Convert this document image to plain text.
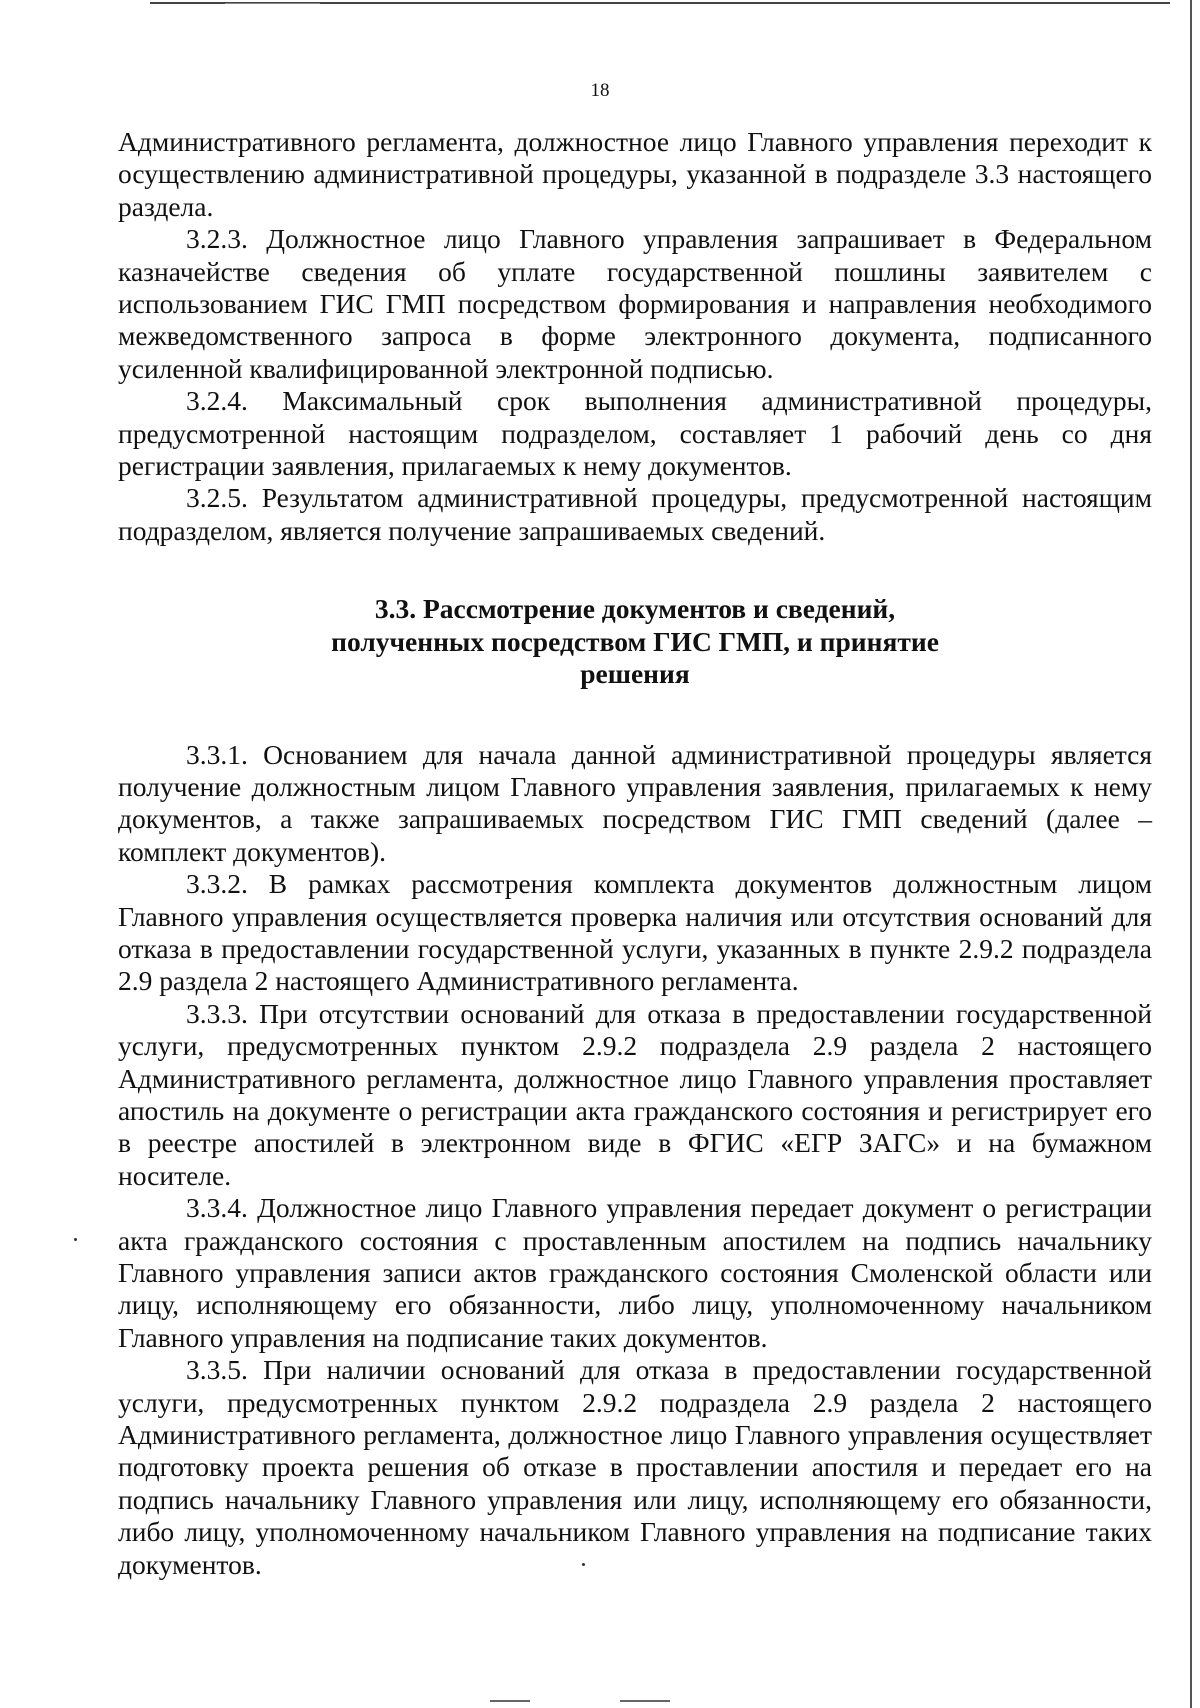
18

Административного регламента, должностное лицо Главного управления переходит к осуществлению административной процедуры, указанной в подразделе 3.3 настоящего раздела.

3.2.3. Должностное лицо Главного управления запрашивает в Федеральном казначействе сведения об уплате государственной пошлины заявителем с использованием ГИС ГМП посредством формирования и направления необходимого межведомственного запроса в форме электронного документа, подписанного усиленной квалифицированной электронной подписью.

3.2.4. Максимальный срок выполнения административной процедуры, предусмотренной настоящим подразделом, составляет 1 рабочий день со дня регистрации заявления, прилагаемых к нему документов.

3.2.5. Результатом административной процедуры, предусмотренной настоящим подразделом, является получение запрашиваемых сведений.

3.3. Рассмотрение документов и сведений,
полученных посредством ГИС ГМП, и принятие
решения

3.3.1. Основанием для начала данной административной процедуры является получение должностным лицом Главного управления заявления, прилагаемых к нему документов, а также запрашиваемых посредством ГИС ГМП сведений (далее – комплект документов).

3.3.2. В рамках рассмотрения комплекта документов должностным лицом Главного управления осуществляется проверка наличия или отсутствия оснований для отказа в предоставлении государственной услуги, указанных в пункте 2.9.2 подраздела 2.9 раздела 2 настоящего Административного регламента.

3.3.3. При отсутствии оснований для отказа в предоставлении государственной услуги, предусмотренных пунктом 2.9.2 подраздела 2.9 раздела 2 настоящего Административного регламента, должностное лицо Главного управления проставляет апостиль на документе о регистрации акта гражданского состояния и регистрирует его в реестре апостилей в электронном виде в ФГИС «ЕГР ЗАГС» и на бумажном носителе.

3.3.4. Должностное лицо Главного управления передает документ о регистрации акта гражданского состояния с проставленным апостилем на подпись начальнику Главного управления записи актов гражданского состояния Смоленской области или лицу, исполняющему его обязанности, либо лицу, уполномоченному начальником Главного управления на подписание таких документов.

3.3.5. При наличии оснований для отказа в предоставлении государственной услуги, предусмотренных пунктом 2.9.2 подраздела 2.9 раздела 2 настоящего Административного регламента, должностное лицо Главного управления осуществляет подготовку проекта решения об отказе в проставлении апостиля и передает его на подпись начальнику Главного управления или лицу, исполняющему его обязанности, либо лицу, уполномоченному начальником Главного управления на подписание таких документов.
